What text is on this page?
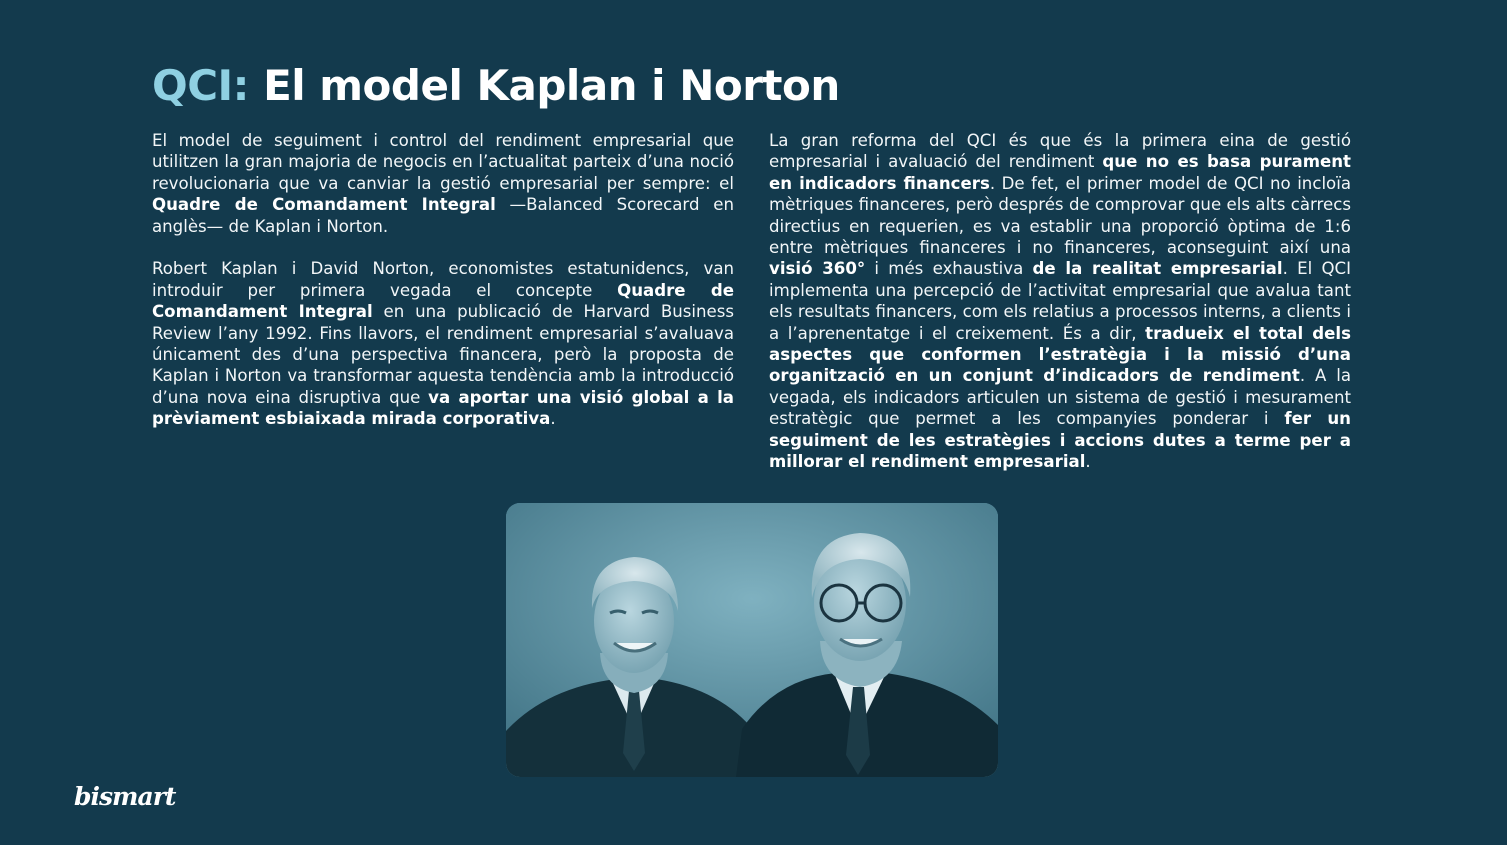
QCI: El model Kaplan i Norton

El model de seguiment i control del rendiment empresarial que utilitzen la gran majoria de negocis en l’actualitat parteix d’una noció revolucionaria que va canviar la gestió empresarial per sempre: el Quadre de Comandament Integral —Balanced Scorecard en anglès— de Kaplan i Norton.

Robert Kaplan i David Norton, economistes estatunidencs, van introduir per primera vegada el concepte Quadre de Comandament Integral en una publicació de Harvard Business Review l’any 1992. Fins llavors, el rendiment empresarial s’avaluava únicament des d’una perspectiva financera, però la proposta de Kaplan i Norton va transformar aquesta tendència amb la introducció d’una nova eina disruptiva que va aportar una visió global a la prèviament esbiaixada mirada corporativa.

La gran reforma del QCI és que és la primera eina de gestió empresarial i avaluació del rendiment que no es basa purament en indicadors financers. De fet, el primer model de QCI no incloïa mètriques financeres, però després de comprovar que els alts càrrecs directius en requerien, es va establir una proporció òptima de 1:6 entre mètriques financeres i no financeres, aconseguint així una visió 360° i més exhaustiva de la realitat empresarial. El QCI implementa una percepció de l’activitat empresarial que avalua tant els resultats financers, com els relatius a processos interns, a clients i a l’aprenentatge i el creixement. És a dir, tradueix el total dels aspectes que conformen l’estratègia i la missió d’una organització en un conjunt d’indicadors de rendiment. A la vegada, els indicadors articulen un sistema de gestió i mesurament estratègic que permet a les companyies ponderar i fer un seguiment de les estratègies i accions dutes a terme per a millorar el rendiment empresarial.

bismart
